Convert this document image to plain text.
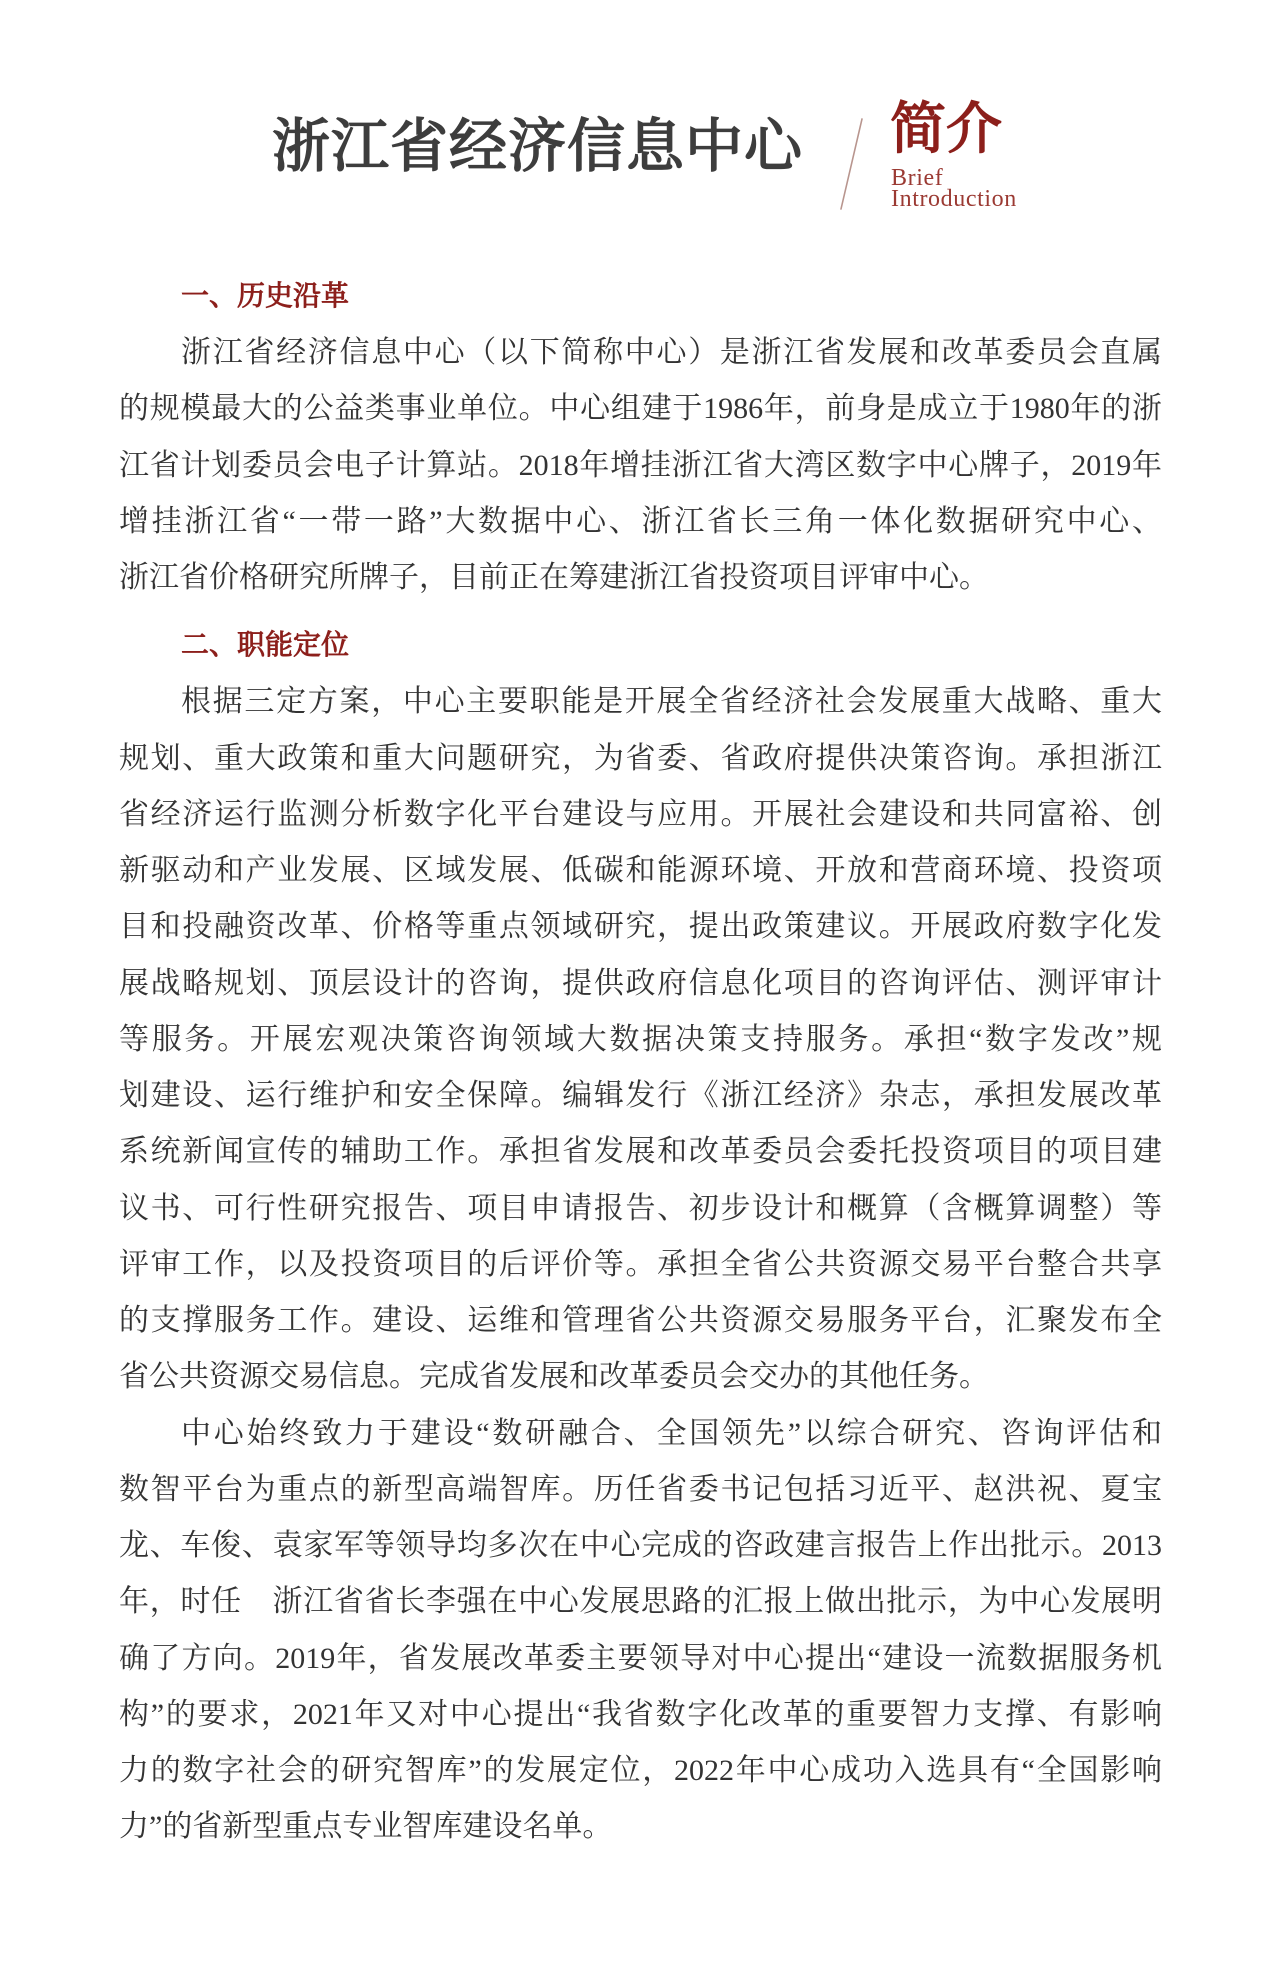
浙江省经济信息中心 简介
Brief
Introduction
一、历史沿革
浙江省经济信息中心（以下简称中心）是浙江省发展和改革委员会直属
的规模最大的公益类事业单位。中心组建于1986年，前身是成立于1980年的浙
江省计划委员会电子计算站。2018年增挂浙江省大湾区数字中心牌子，2019年
增挂浙江省“一带一路”大数据中心、浙江省长三角一体化数据研究中心、
浙江省价格研究所牌子，目前正在筹建浙江省投资项目评审中心。
二、职能定位
根据三定方案，中心主要职能是开展全省经济社会发展重大战略、重大
规划、重大政策和重大问题研究，为省委、省政府提供决策咨询。承担浙江
省经济运行监测分析数字化平台建设与应用。开展社会建设和共同富裕、创
新驱动和产业发展、区域发展、低碳和能源环境、开放和营商环境、投资项
目和投融资改革、价格等重点领域研究，提出政策建议。开展政府数字化发
展战略规划、顶层设计的咨询，提供政府信息化项目的咨询评估、测评审计
等服务。开展宏观决策咨询领域大数据决策支持服务。承担“数字发改”规
划建设、运行维护和安全保障。编辑发行《浙江经济》杂志，承担发展改革
系统新闻宣传的辅助工作。承担省发展和改革委员会委托投资项目的项目建
议书、可行性研究报告、项目申请报告、初步设计和概算（含概算调整）等
评审工作，以及投资项目的后评价等。承担全省公共资源交易平台整合共享
的支撑服务工作。建设、运维和管理省公共资源交易服务平台，汇聚发布全
省公共资源交易信息。完成省发展和改革委员会交办的其他任务。
中心始终致力于建设“数研融合、全国领先”以综合研究、咨询评估和
数智平台为重点的新型高端智库。历任省委书记包括习近平、赵洪祝、夏宝
龙、车俊、袁家军等领导均多次在中心完成的咨政建言报告上作出批示。2013
年，时任　浙江省省长李强在中心发展思路的汇报上做出批示，为中心发展明
确了方向。2019年，省发展改革委主要领导对中心提出“建设一流数据服务机
构”的要求，2021年又对中心提出“我省数字化改革的重要智力支撑、有影响
力的数字社会的研究智库”的发展定位，2022年中心成功入选具有“全国影响
力”的省新型重点专业智库建设名单。
